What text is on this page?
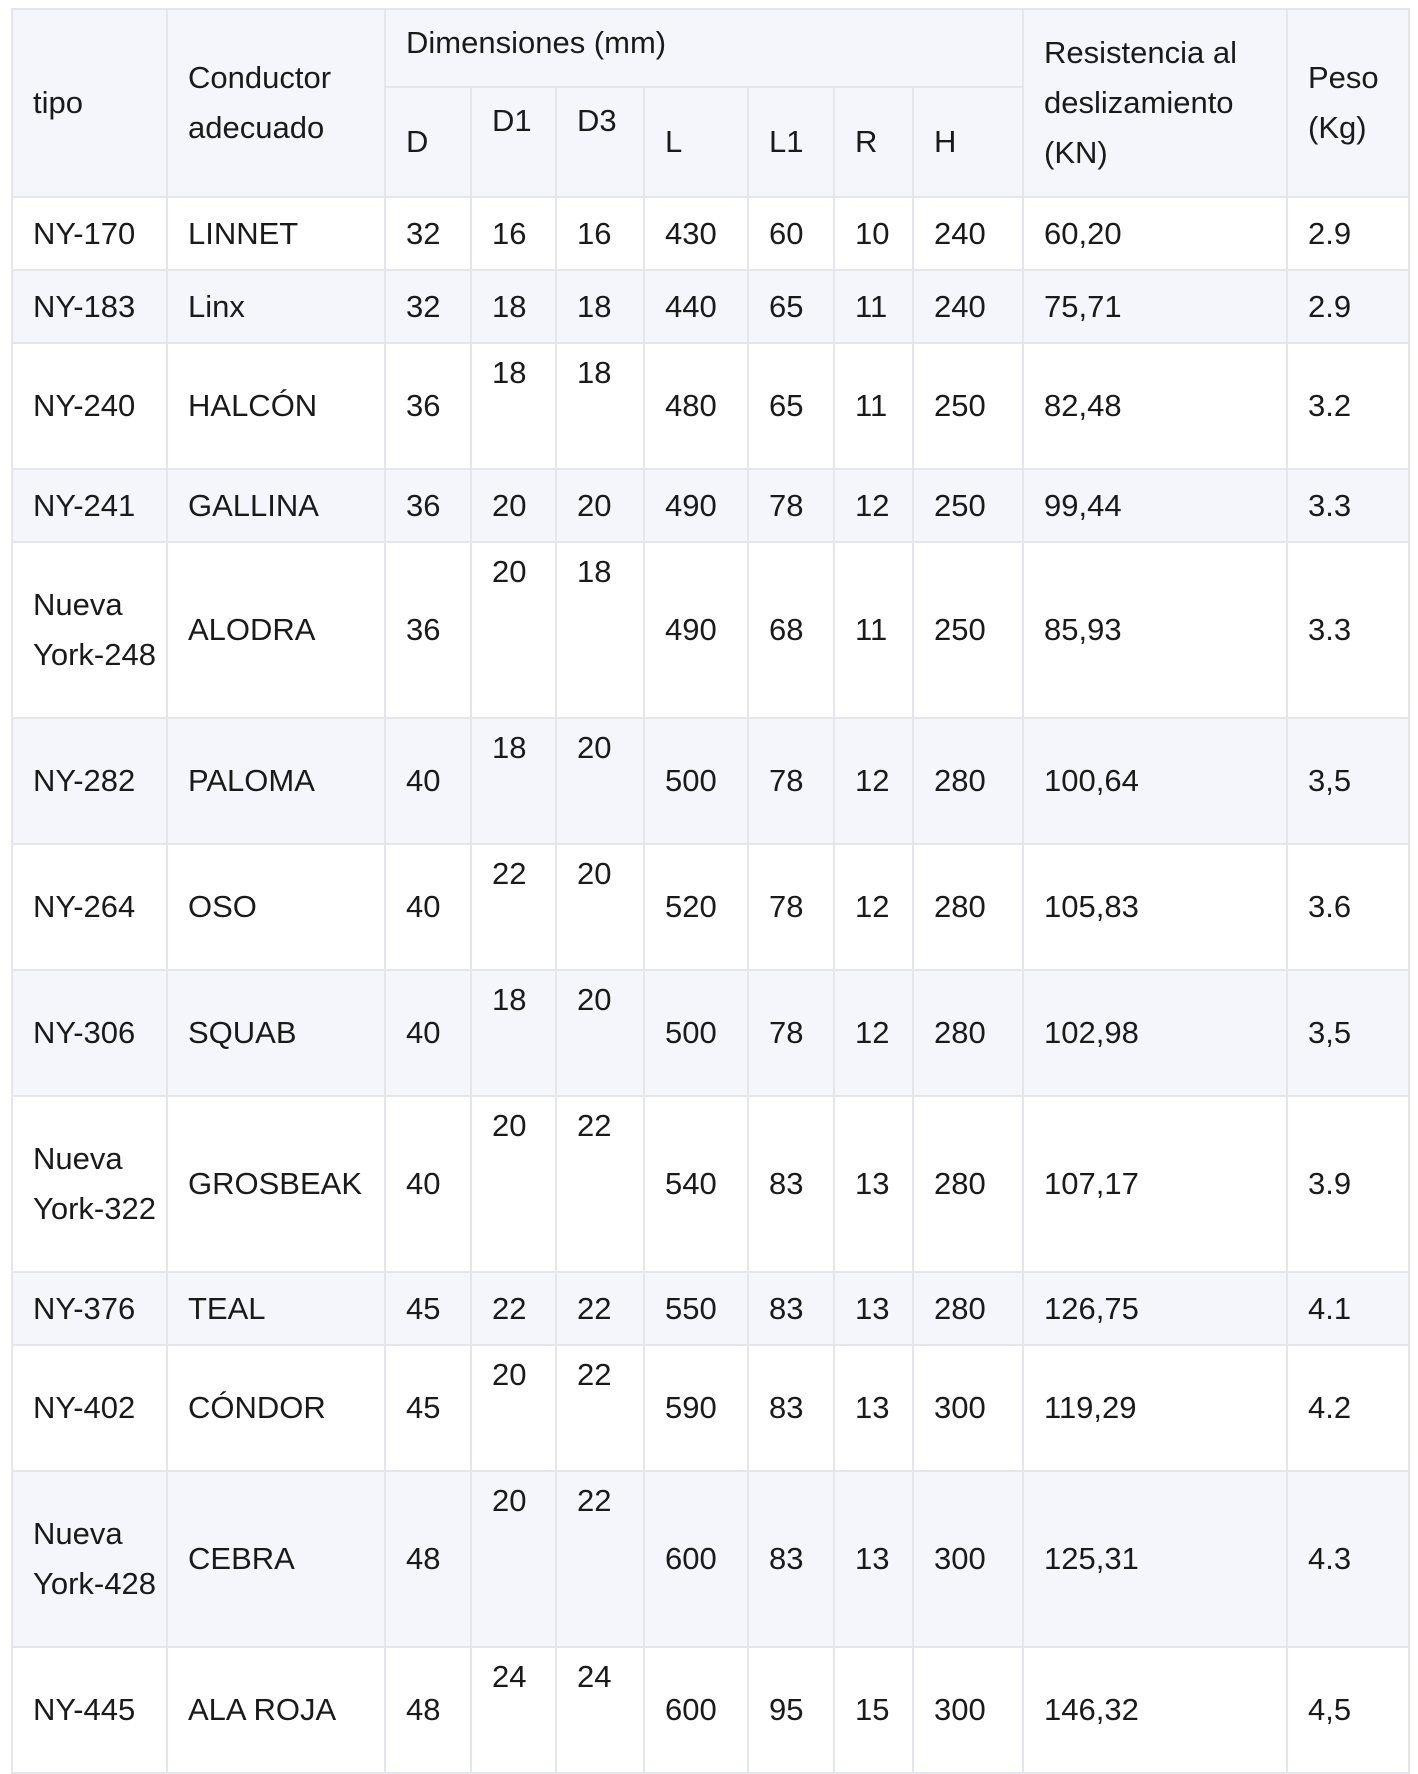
tipo	Conductor adecuado	Dimensiones (mm)							Resistencia al deslizamiento (KN)	Peso (Kg)
		D	D1	D3	L	L1	R	H		
NY-170	LINNET	32	16	16	430	60	10	240	60,20	2.9
NY-183	Linx	32	18	18	440	65	11	240	75,71	2.9
NY-240	HALCÓN	36	18	18	480	65	11	250	82,48	3.2
NY-241	GALLINA	36	20	20	490	78	12	250	99,44	3.3
Nueva York-248	ALODRA	36	20	18	490	68	11	250	85,93	3.3
NY-282	PALOMA	40	18	20	500	78	12	280	100,64	3,5
NY-264	OSO	40	22	20	520	78	12	280	105,83	3.6
NY-306	SQUAB	40	18	20	500	78	12	280	102,98	3,5
Nueva York-322	GROSBEAK	40	20	22	540	83	13	280	107,17	3.9
NY-376	TEAL	45	22	22	550	83	13	280	126,75	4.1
NY-402	CÓNDOR	45	20	22	590	83	13	300	119,29	4.2
Nueva York-428	CEBRA	48	20	22	600	83	13	300	125,31	4.3
NY-445	ALA ROJA	48	24	24	600	95	15	300	146,32	4,5
